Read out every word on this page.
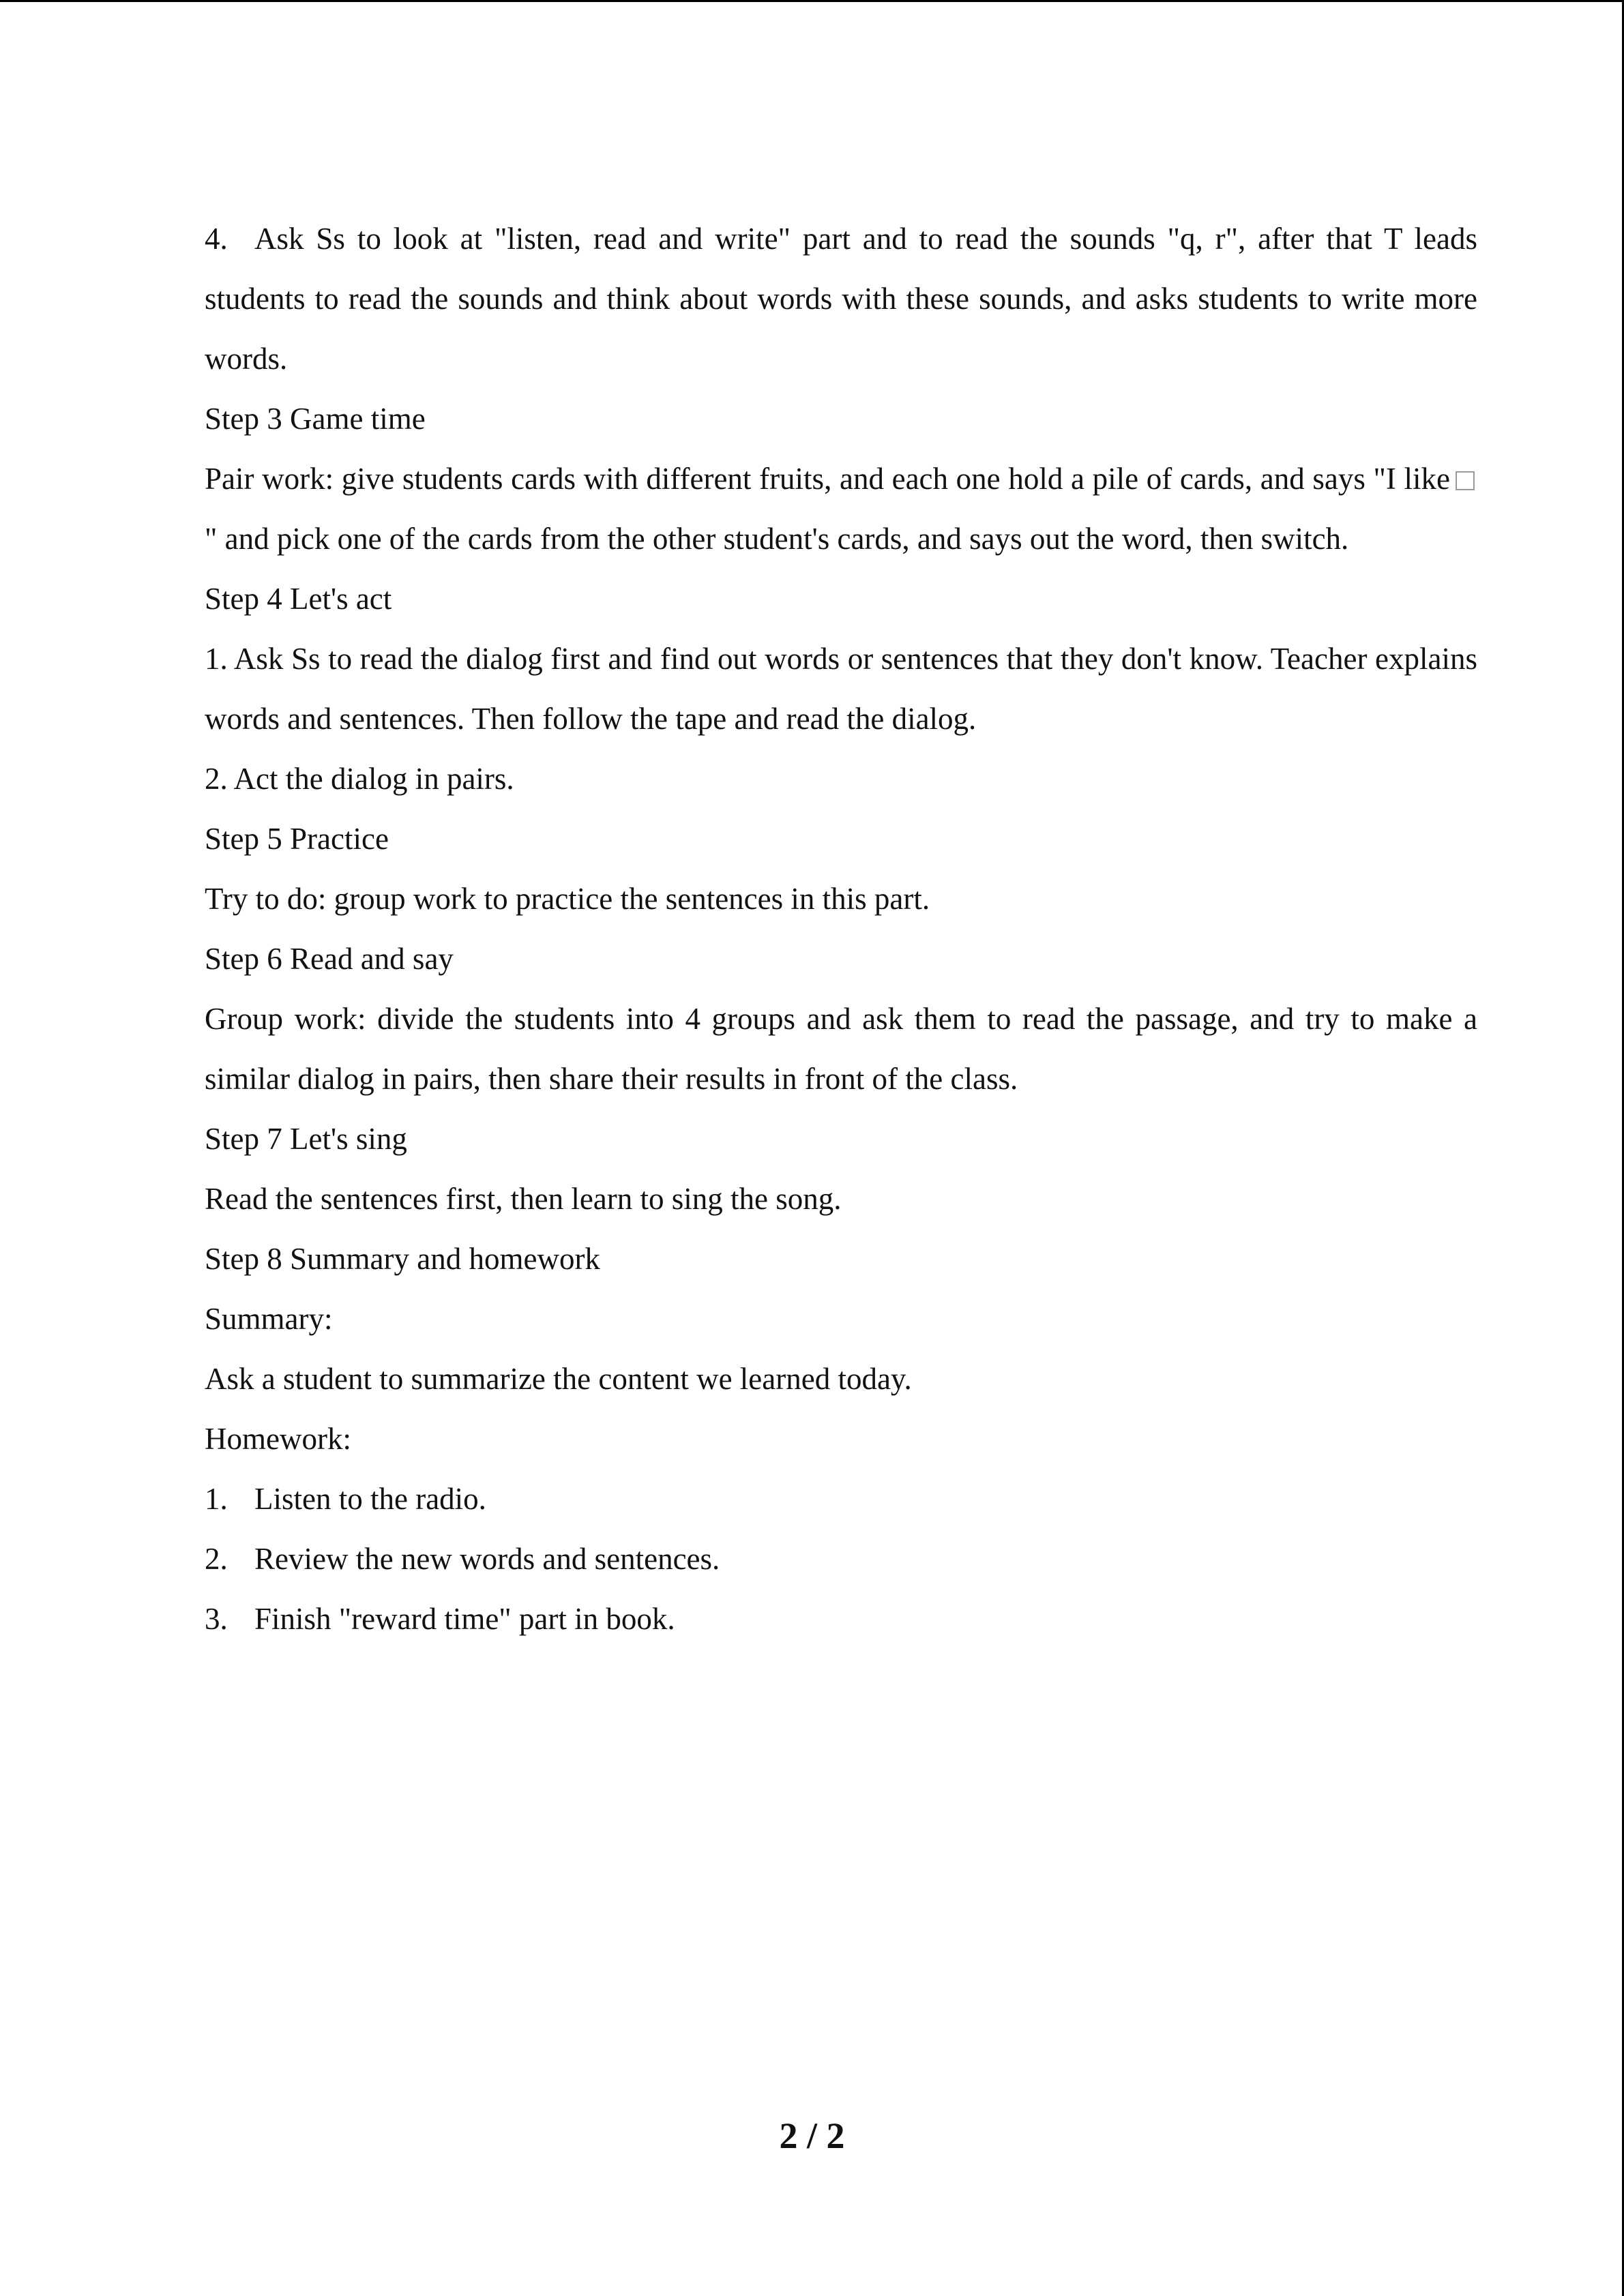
4. Ask Ss to look at "listen, read and write" part and to read the sounds "q, r", after that T leads students to read the sounds and think about words with these sounds, and asks students to write more words.

Step 3 Game time

Pair work: give students cards with different fruits, and each one hold a pile of cards, and says "I like" and pick one of the cards from the other student's cards, and says out the word, then switch.

Step 4 Let's act

1. Ask Ss to read the dialog first and find out words or sentences that they don't know. Teacher explains words and sentences. Then follow the tape and read the dialog.

2. Act the dialog in pairs.

Step 5 Practice

Try to do: group work to practice the sentences in this part.

Step 6 Read and say

Group work: divide the students into 4 groups and ask them to read the passage, and try to make a similar dialog in pairs, then share their results in front of the class.

Step 7 Let's sing

Read the sentences first, then learn to sing the song.

Step 8 Summary and homework

Summary:

Ask a student to summarize the content we learned today.

Homework:

1. Listen to the radio.

2. Review the new words and sentences.

3. Finish "reward time" part in book.

2 / 2
